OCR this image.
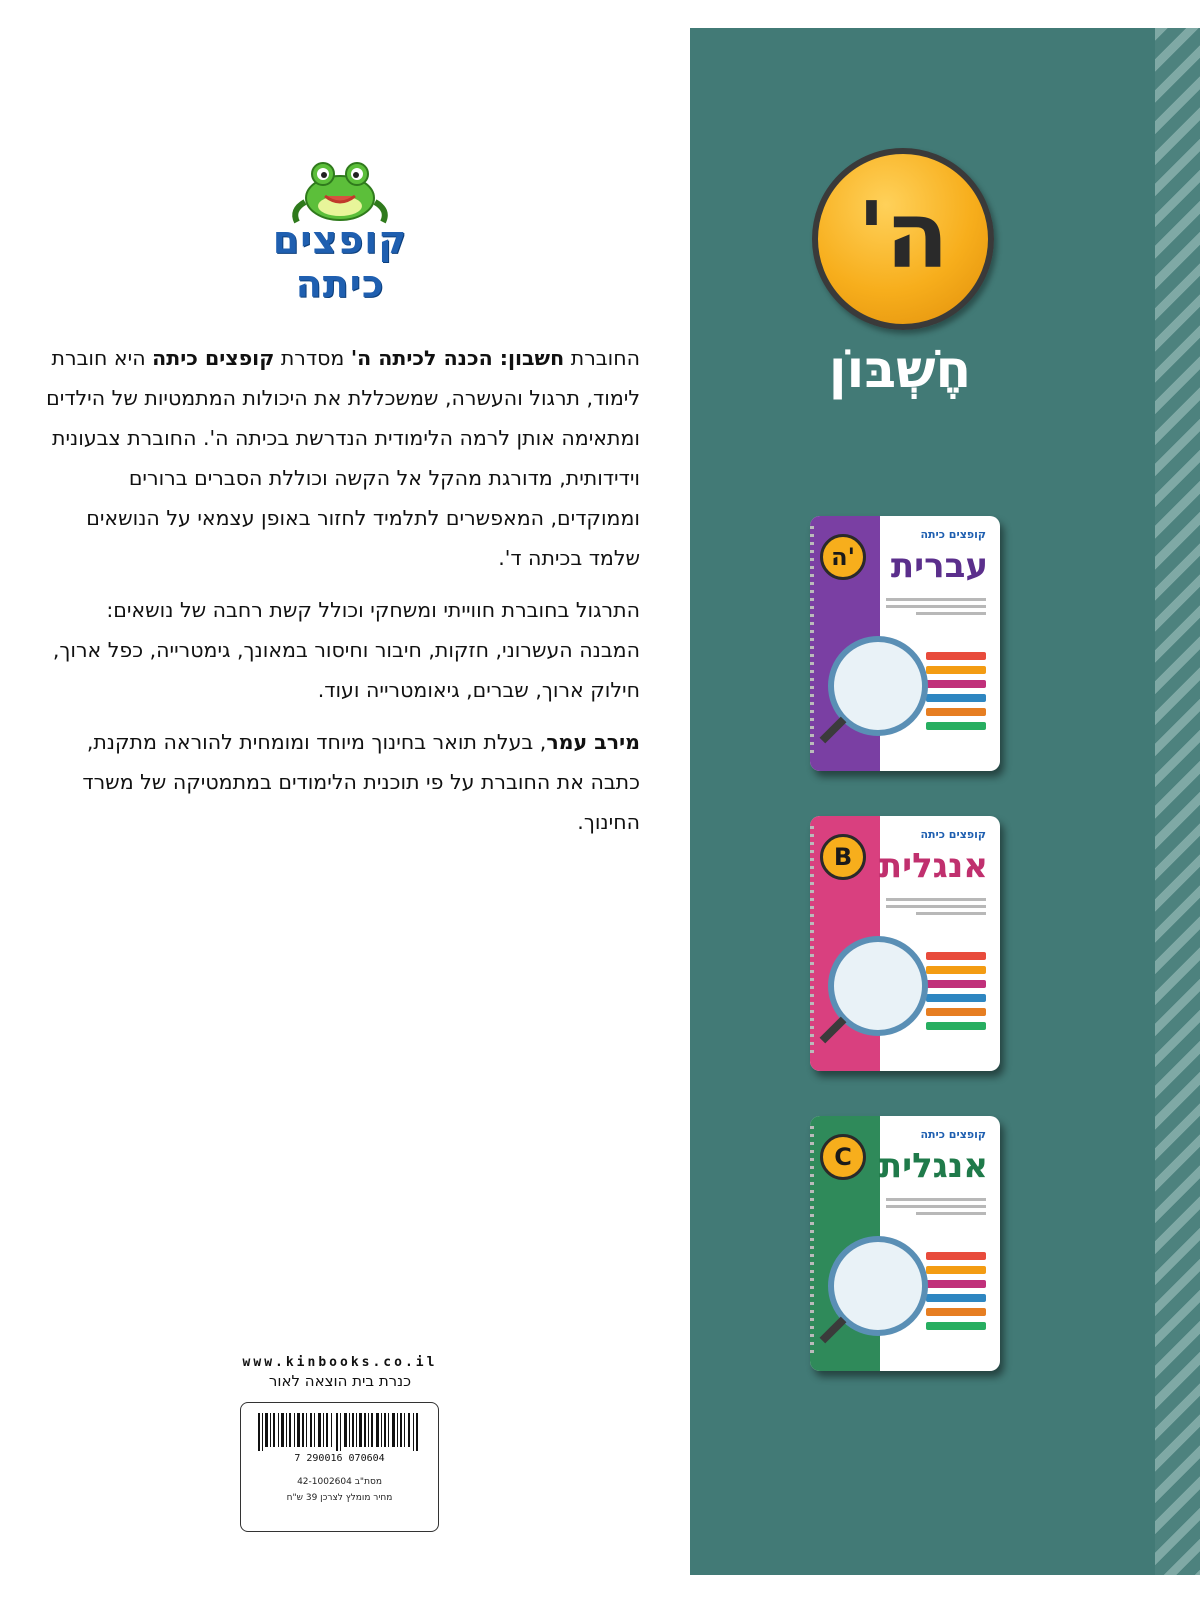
קופצים כיתה

החוברת חשבון: הכנה לכיתה ה' מסדרת קופצים כיתה היא חוברת לימוד, תרגול והעשרה, שמשכללת את היכולות המתמטיות של הילדים ומתאימה אותן לרמה הלימודית הנדרשת בכיתה ה'. החוברת צבעונית וידידותית, מדורגת מהקל אל הקשה וכוללת הסברים ברורים וממוקדים, המאפשרים לתלמיד לחזור באופן עצמאי על הנושאים שלמד בכיתה ד'.

התרגול בחוברת חווייתי ומשחקי וכולל קשת רחבה של נושאים: המבנה העשרוני, חזקות, חיבור וחיסור במאונך, גימטרייה, כפל ארוך, חילוק ארוך, שברים, גיאומטרייה ועוד.

מירב עמר, בעלת תואר בחינוך מיוחד ומומחית להוראה מתקנת, כתבה את החוברת על פי תוכנית הלימודים במתמטיקה של משרד החינוך.

www.kinbooks.co.il
כנרת בית הוצאה לאור
7 290016 070604
מסת"ב 42-1002604
מחיר מומלץ לצרכן 39 ש"ח
ה'
חֶשְׁבּוֹן
ה'
קופצים כיתה
עברית
B
קופצים כיתה
אנגלית
C
קופצים כיתה
אנגלית
